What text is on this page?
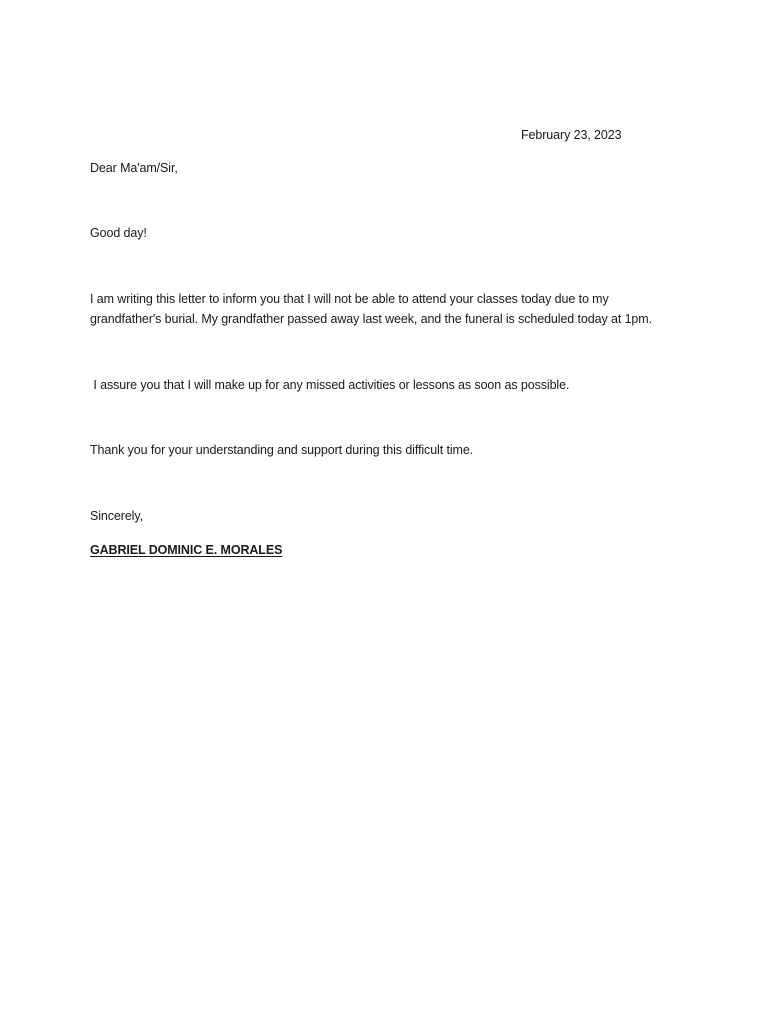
February 23, 2023

Dear Ma'am/Sir,

Good day!

I am writing this letter to inform you that I will not be able to attend your classes today due to my

grandfather's burial. My grandfather passed away last week, and the funeral is scheduled today at 1pm.

I assure you that I will make up for any missed activities or lessons as soon as possible.

Thank you for your understanding and support during this difficult time.

Sincerely,

GABRIEL DOMINIC E. MORALES
